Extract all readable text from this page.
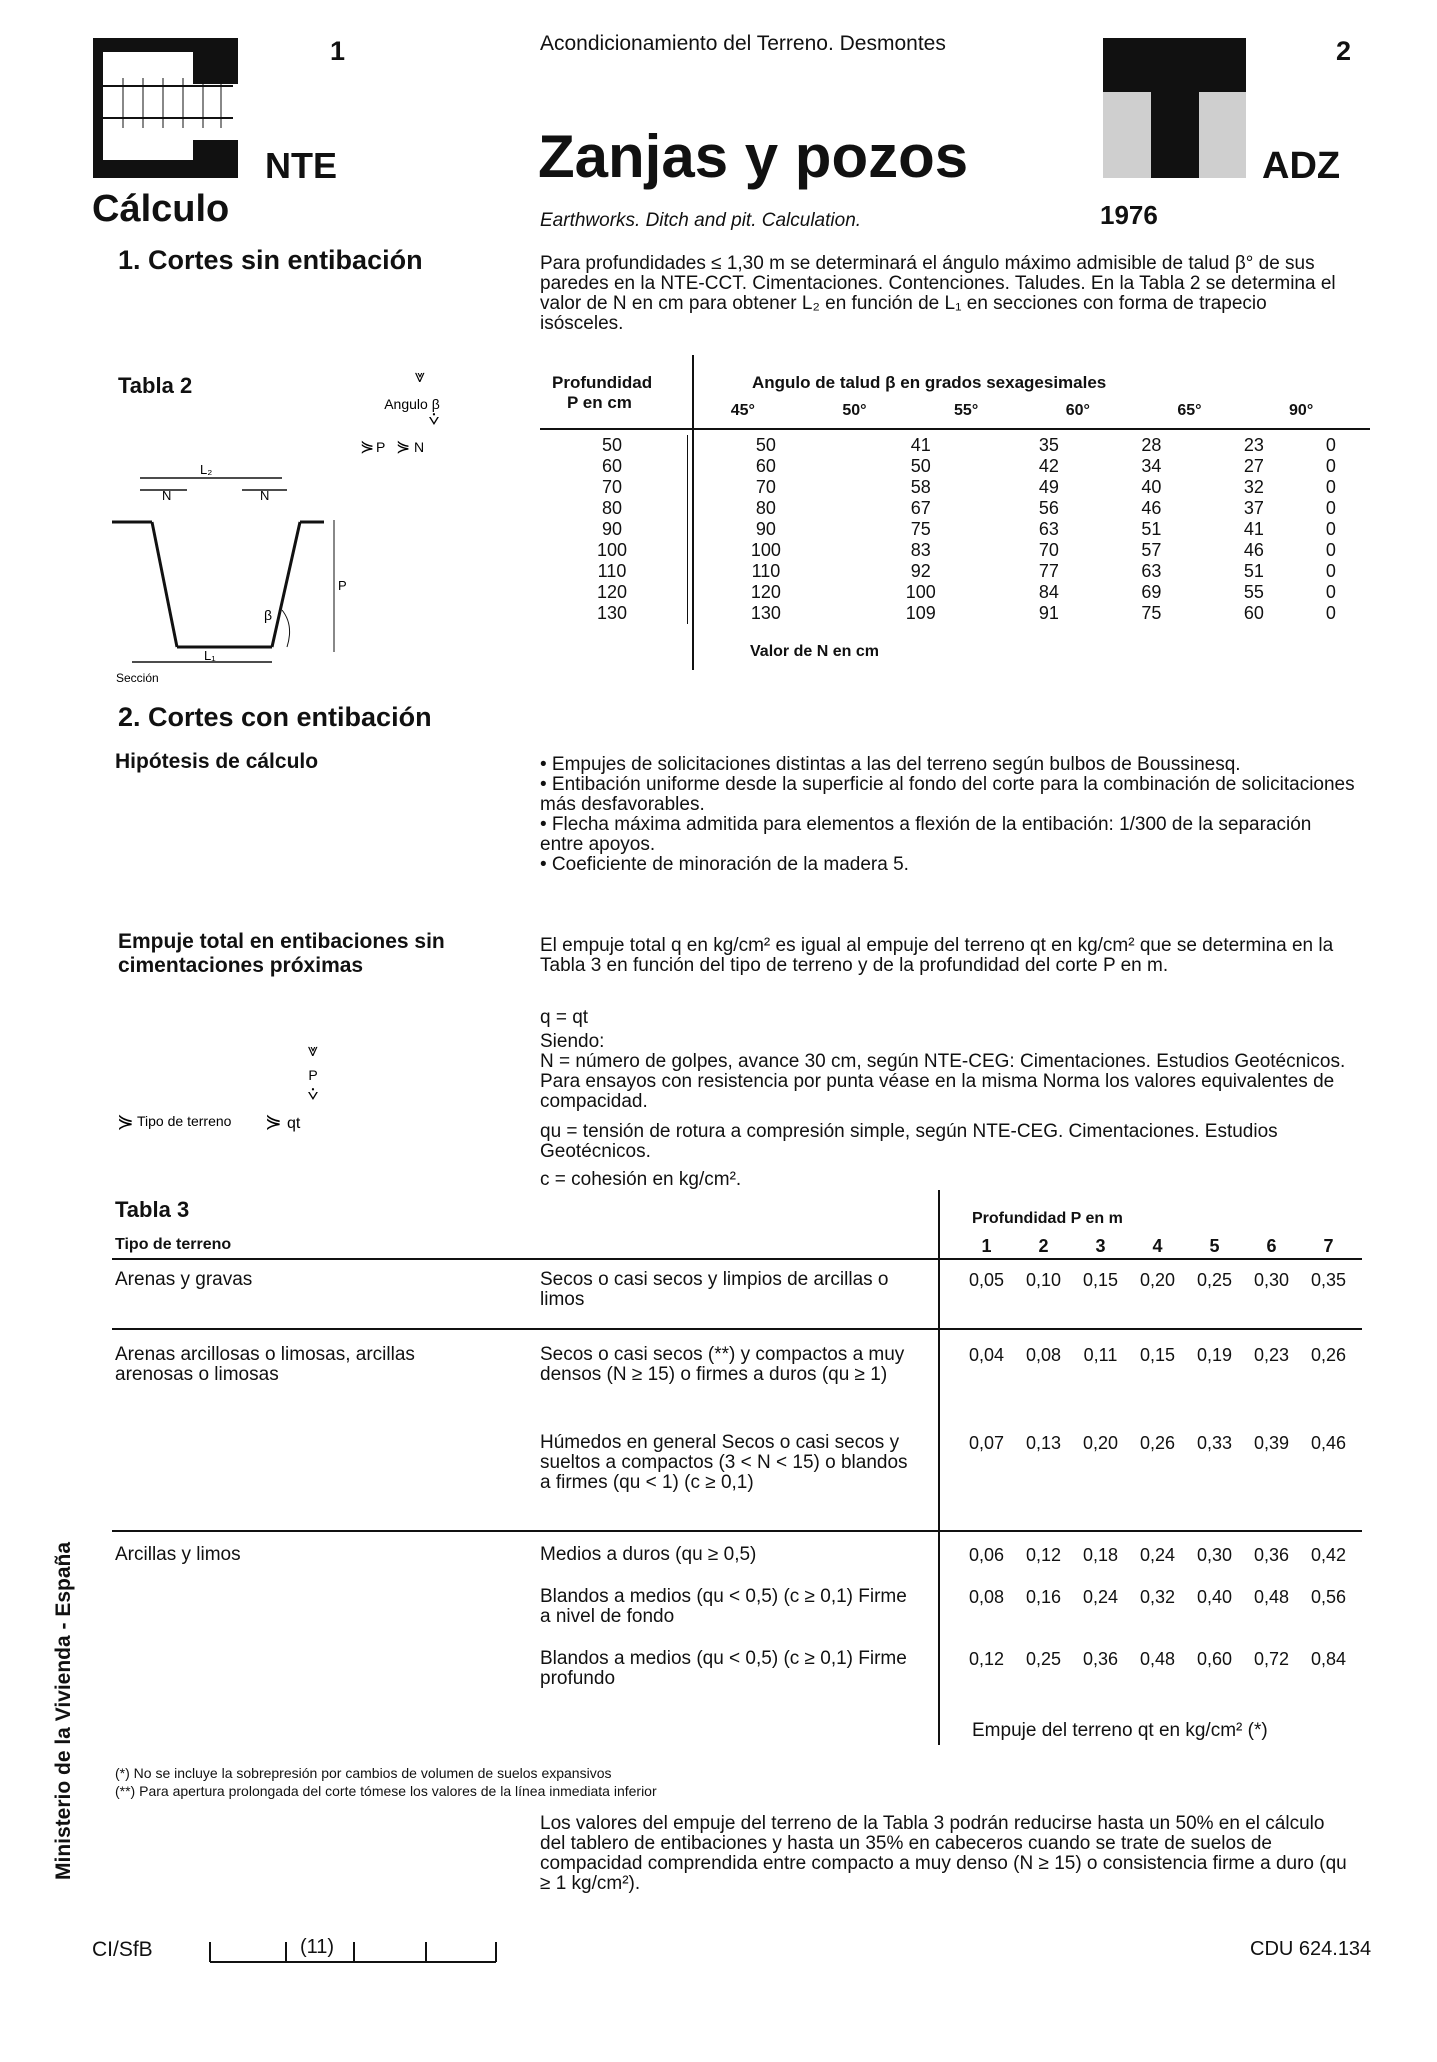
1
NTE
Cálculo
Acondicionamiento del Terreno. Desmontes
Zanjas y pozos
Earthworks. Ditch and pit. Calculation.	1976
2
ADZ
1. Cortes sin entibación	Para profundidades ≤ 1,30 m se determinará el ángulo máximo admisible de talud β° de sus paredes en la NTE-CCT. Cimentaciones. Contenciones. Taludes. En la Tabla 2 se determina el valor de N en cm para obtener L₂ en función de L₁ en secciones con forma de trapecio isósceles.
Tabla 2	⩔
Angulo β
⩒
⋟ P ⋟ N
L₂
N	N
P
β
L₁
Sección
Profundidad
P en cm
Angulo de talud β en grados sexagesimales
	45°	50°	55°	60°	65°	90°
50	50	41	35	28	23	0
60	60	50	42	34	27	0
70	70	58	49	40	32	0
80	80	67	56	46	37	0
90	90	75	63	51	41	0
100	100	83	70	57	46	0
110	110	92	77	63	51	0
120	120	100	84	69	55	0
130	130	109	91	75	60	0
Valor de N en cm
2. Cortes con entibación
Hipótesis de cálculo	• Empujes de solicitaciones distintas a las del terreno según bulbos de Boussinesq.
• Entibación uniforme desde la superficie al fondo del corte para la combinación de solicitaciones más desfavorables.
• Flecha máxima admitida para elementos a flexión de la entibación: 1/300 de la separación entre apoyos.
• Coeficiente de minoración de la madera 5.
Empuje total en entibaciones sin cimentaciones próximas
El empuje total q en kg/cm² es igual al empuje del terreno qt en kg/cm² que se determina en la Tabla 3 en función del tipo de terreno y de la profundidad del corte P en m.
q = qt
Siendo:
N = número de golpes, avance 30 cm, según NTE-CEG: Cimentaciones. Estudios Geotécnicos. Para ensayos con resistencia por punta véase en la misma Norma los valores equivalentes de compacidad.
qu = tensión de rotura a compresión simple, según NTE-CEG. Cimentaciones. Estudios Geotécnicos.
c = cohesión en kg/cm².
⩔
P
⩒
⋟ Tipo de terreno ⋟ qt
Tabla 3
Tipo de terreno
Profundidad P en m
1	2	3	4	5	6	7
Arenas y gravas	Secos o casi secos y limpios de arcillas o limos
0,05 0,10 0,15 0,20 0,25 0,30 0,35
Arenas arcillosas o limosas, arcillas arenosas o limosas
Secos o casi secos (**) y compactos a muy densos (N ≥ 15) o firmes a duros (qu ≥ 1)
0,04 0,08 0,11 0,15 0,19 0,23 0,26
Húmedos en general Secos o casi secos y sueltos a compactos (3 < N < 15) o blandos a firmes (qu < 1) (c ≥ 0,1)
0,07 0,13 0,20 0,26 0,33 0,39 0,46
Arcillas y limos	Medios a duros (qu ≥ 0,5)	0,06 0,12 0,18 0,24 0,30 0,36 0,42
Blandos a medios (qu < 0,5) (c ≥ 0,1) Firme a nivel de fondo
0,08 0,16 0,24 0,32 0,40 0,48 0,56
Blandos a medios (qu < 0,5) (c ≥ 0,1) Firme profundo
0,12 0,25 0,36 0,48 0,60 0,72 0,84
Empuje del terreno qt en kg/cm² (*)
(*) No se incluye la sobrepresión por cambios de volumen de suelos expansivos
(**) Para apertura prolongada del corte tómese los valores de la línea inmediata inferior
Los valores del empuje del terreno de la Tabla 3 podrán reducirse hasta un 50% en el cálculo del tablero de entibaciones y hasta un 35% en cabeceros cuando se trate de suelos de compacidad comprendida entre compacto a muy denso (N ≥ 15) o consistencia firme a duro (qu ≥ 1 kg/cm²).
CI/SfB	(11)	CDU 624.134
Ministerio de la Vivienda - España
